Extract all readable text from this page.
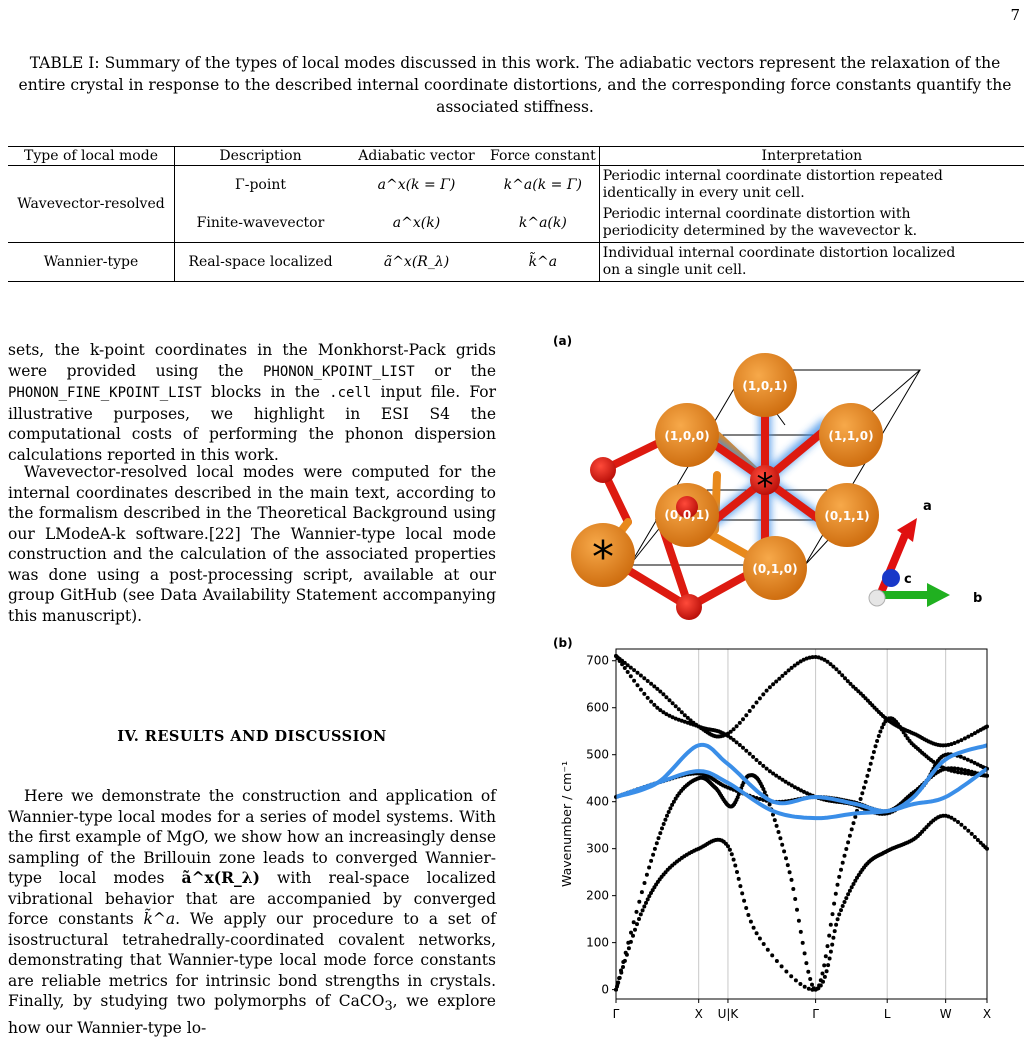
7
TABLE I: Summary of the types of local modes discussed in this work. The adiabatic vectors represent the relaxation of the entire crystal in response to the described internal coordinate distortions, and the corresponding force constants quantify the associated stiffness.
Type of local mode	Description	Adiabatic vector	Force constant	Interpretation
Wavevector-resolved	Γ-point	a^x(k = Γ)	k^a(k = Γ)	Periodic internal coordinate distortion repeated
identically in every unit cell.
	Finite-wavevector	a^x(k)	k^a(k)	Periodic internal coordinate distortion with
periodicity determined by the wavevector k.
Wannier-type	Real-space localized	ã^x(R_λ)	k̃^a	Individual internal coordinate distortion localized
on a single unit cell.

sets, the k-point coordinates in the Monkhorst-Pack grids were provided using the PHONON_KPOINT_LIST or the PHONON_FINE_KPOINT_LIST blocks in the .cell input file. For illustrative purposes, we highlight in ESI S4 the computational costs of performing the phonon dispersion calculations reported in this work.

Wavevector-resolved local modes were computed for the internal coordinates described in the main text, according to the formalism described in the Theoretical Background using our LModeA-k software.[22] The Wannier-type local mode construction and the calculation of the associated properties was done using a post-processing script, available at our group GitHub (see Data Availability Statement accompanying this manuscript).

IV. RESULTS AND DISCUSSION

Here we demonstrate the construction and application of Wannier-type local modes for a series of model systems. With the first example of MgO, we show how an increasingly dense sampling of the Brillouin zone leads to converged Wannier-type local modes ã^x(R_λ) with real-space localized vibrational behavior that are accompanied by converged force constants k̃^a. We apply our procedure to a set of isostructural tetrahedrally-coordinated covalent networks, demonstrating that Wannier-type local mode force constants are reliable metrics for intrinsic bond strengths in crystals. Finally, by studying two polymorphs of CaCO$_3$, we explore how our Wannier-type lo-

(a)
*
(1,0,1)
(1,0,0)	(1,1,0)
(0,0,1)	(0,1,1)
(0,1,0)
*
a
c
b
(b)
0
100
200
300
400
500
600
700
Γ	X U|K	Γ	L	W	X
Wavenumber / cm⁻¹
